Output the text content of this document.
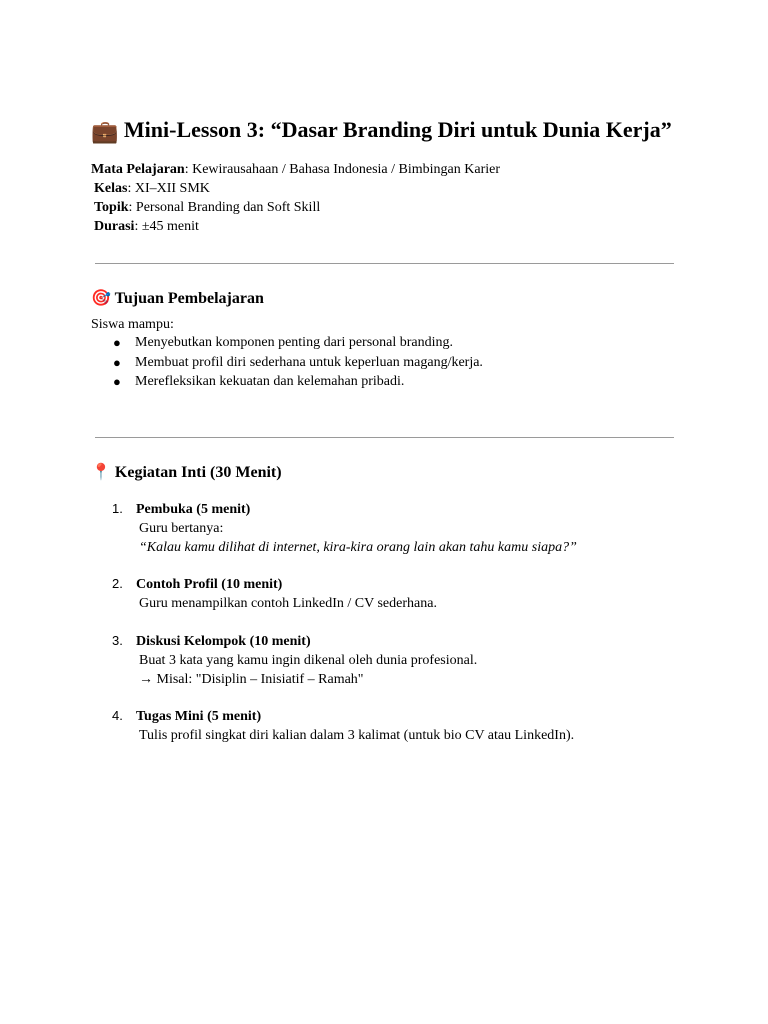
💼 Mini-Lesson 3: “Dasar Branding Diri untuk Dunia Kerja”
Mata Pelajaran: Kewirausahaan / Bahasa Indonesia / Bimbingan Karier
Kelas: XI–XII SMK
Topik: Personal Branding dan Soft Skill
Durasi: ±45 menit
🎯 Tujuan Pembelajaran
Siswa mampu:
● Menyebutkan komponen penting dari personal branding.
● Membuat profil diri sederhana untuk keperluan magang/kerja.
● Merefleksikan kekuatan dan kelemahan pribadi.
📍 Kegiatan Inti (30 Menit)
1. Pembuka (5 menit)
Guru bertanya:
“Kalau kamu dilihat di internet, kira-kira orang lain akan tahu kamu siapa?”
2. Contoh Profil (10 menit)
Guru menampilkan contoh LinkedIn / CV sederhana.
3. Diskusi Kelompok (10 menit)
Buat 3 kata yang kamu ingin dikenal oleh dunia profesional.
→ Misal: "Disiplin – Inisiatif – Ramah"
4. Tugas Mini (5 menit)
Tulis profil singkat diri kalian dalam 3 kalimat (untuk bio CV atau LinkedIn).
